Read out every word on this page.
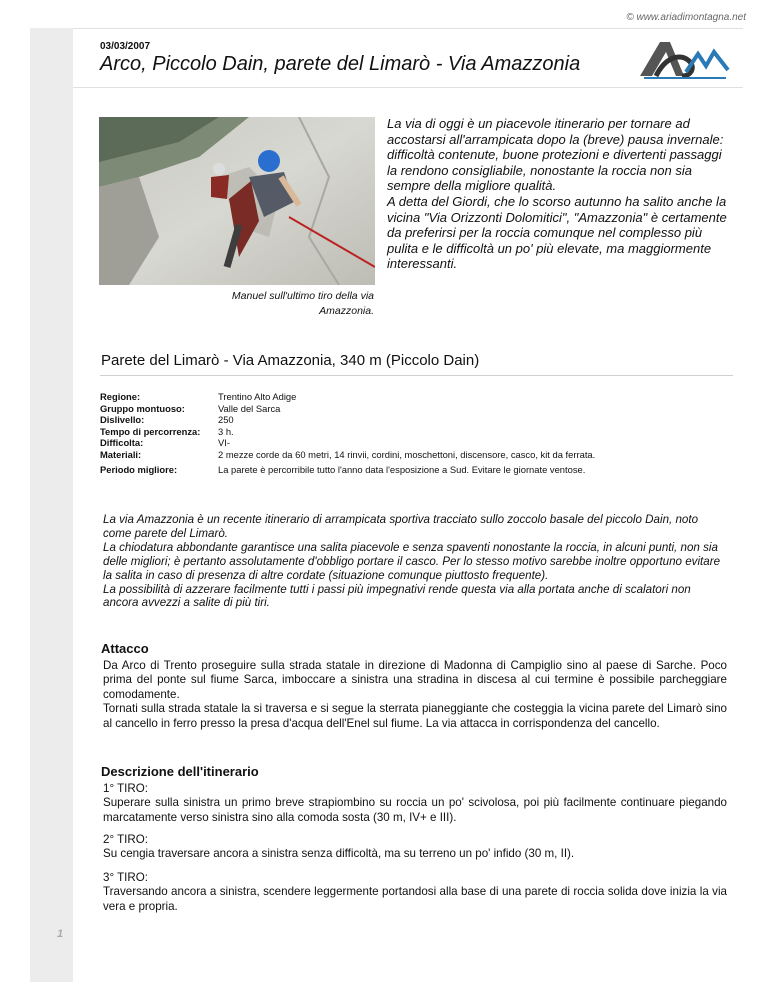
© www.ariadimontagna.net
03/03/2007
Arco, Piccolo Dain, parete del Limarò - Via Amazzonia
Manuel sull'ultimo tiro della via
Amazzonia.

La via di oggi è un piacevole itinerario per tornare ad accostarsi all'arrampicata dopo la (breve) pausa invernale: difficoltà contenute, buone protezioni e divertenti passaggi la rendono consigliabile, nonostante la roccia non sia sempre della migliore qualità.

A detta del Giordi, che lo scorso autunno ha salito anche la vicina "Via Orizzonti Dolomitici", "Amazzonia" è certamente da preferirsi per la roccia comunque nel complesso più pulita e le difficoltà un po' più elevate, ma maggiormente interessanti.

Parete del Limarò - Via Amazzonia, 340 m (Piccolo Dain)
Regione:	Trentino Alto Adige
Gruppo montuoso:	Valle del Sarca
Dislivello:	250
Tempo di percorrenza:	3 h.
Difficolta:	VI-
Materiali:	2 mezze corde da 60 metri, 14 rinvii, cordini, moschettoni, discensore, casco, kit da ferrata.
Periodo migliore:	La parete è percorribile tutto l'anno data l'esposizione a Sud. Evitare le giornate ventose.

La via Amazzonia è un recente itinerario di arrampicata sportiva tracciato sullo zoccolo basale del piccolo Dain, noto come parete del Limarò.

La chiodatura abbondante garantisce una salita piacevole e senza spaventi nonostante la roccia, in alcuni punti, non sia delle migliori; è pertanto assolutamente d'obbligo portare il casco. Per lo stesso motivo sarebbe inoltre opportuno evitare la salita in caso di presenza di altre cordate (situazione comunque piuttosto frequente).

La possibilità di azzerare facilmente tutti i passi più impegnativi rende questa via alla portata anche di scalatori non ancora avvezzi a salite di più tiri.

Attacco

Da Arco di Trento proseguire sulla strada statale in direzione di Madonna di Campiglio sino al paese di Sarche. Poco prima del ponte sul fiume Sarca, imboccare a sinistra una stradina in discesa al cui termine è possibile parcheggiare comodamente.

Tornati sulla strada statale la si traversa e si segue la sterrata pianeggiante che costeggia la vicina parete del Limarò sino al cancello in ferro presso la presa d'acqua dell'Enel sul fiume. La via attacca in corrispondenza del cancello.

Descrizione dell'itinerario

1° TIRO:

Superare sulla sinistra un primo breve strapiombino su roccia un po' scivolosa, poi più facilmente continuare piegando marcatamente verso sinistra sino alla comoda sosta (30 m, IV+ e III).

2° TIRO:

Su cengia traversare ancora a sinistra senza difficoltà, ma su terreno un po' infido (30 m, II).

3° TIRO:

Traversando ancora a sinistra, scendere leggermente portandosi alla base di una parete di roccia solida dove inizia la via vera e propria.

1
